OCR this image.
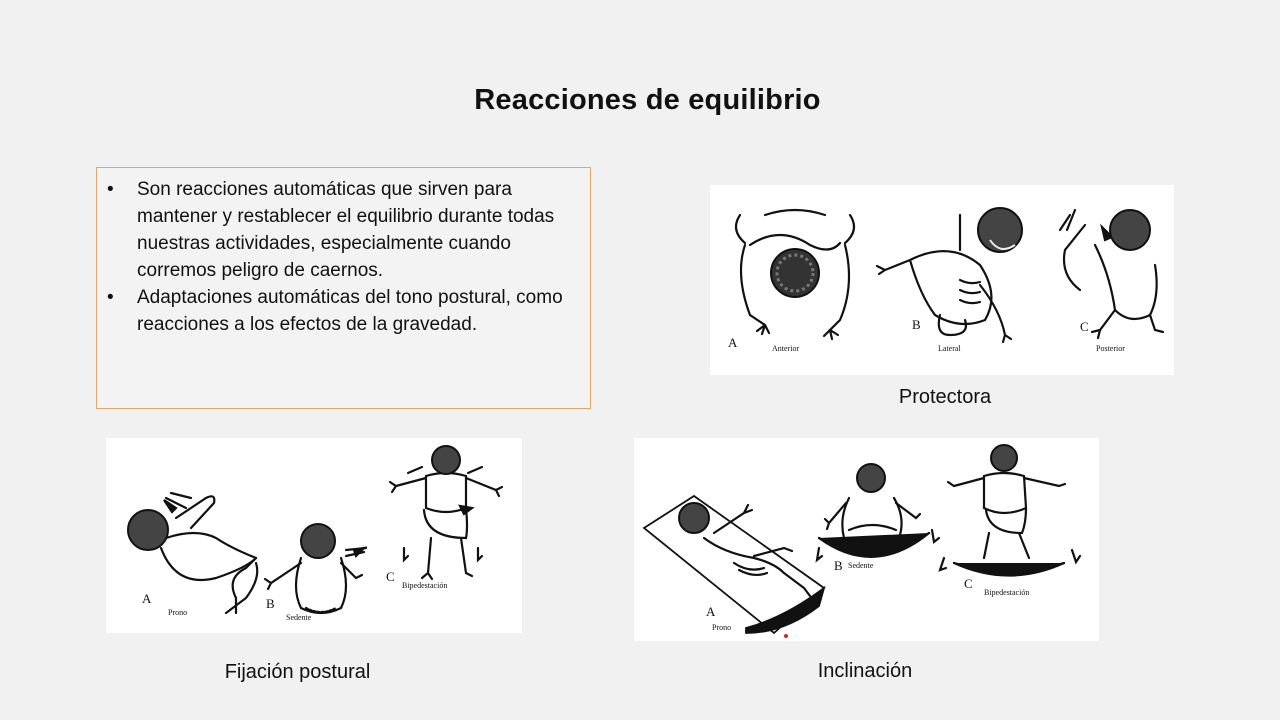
Reacciones de equilibrio
• Son reacciones automáticas que sirven para mantener y restablecer el equilibrio durante todas nuestras actividades, especialmente cuando corremos peligro de caernos.
• Adaptaciones automáticas del tono postural, como reacciones a los efectos de la gravedad.
A	Anterior
B
Lateral
C
Posterior
Protectora
A
Prono
B
Sedente
C
Bipedestación
Fijación postural
A
Prono
B Sedente
C
Bipedestación
Inclinación
